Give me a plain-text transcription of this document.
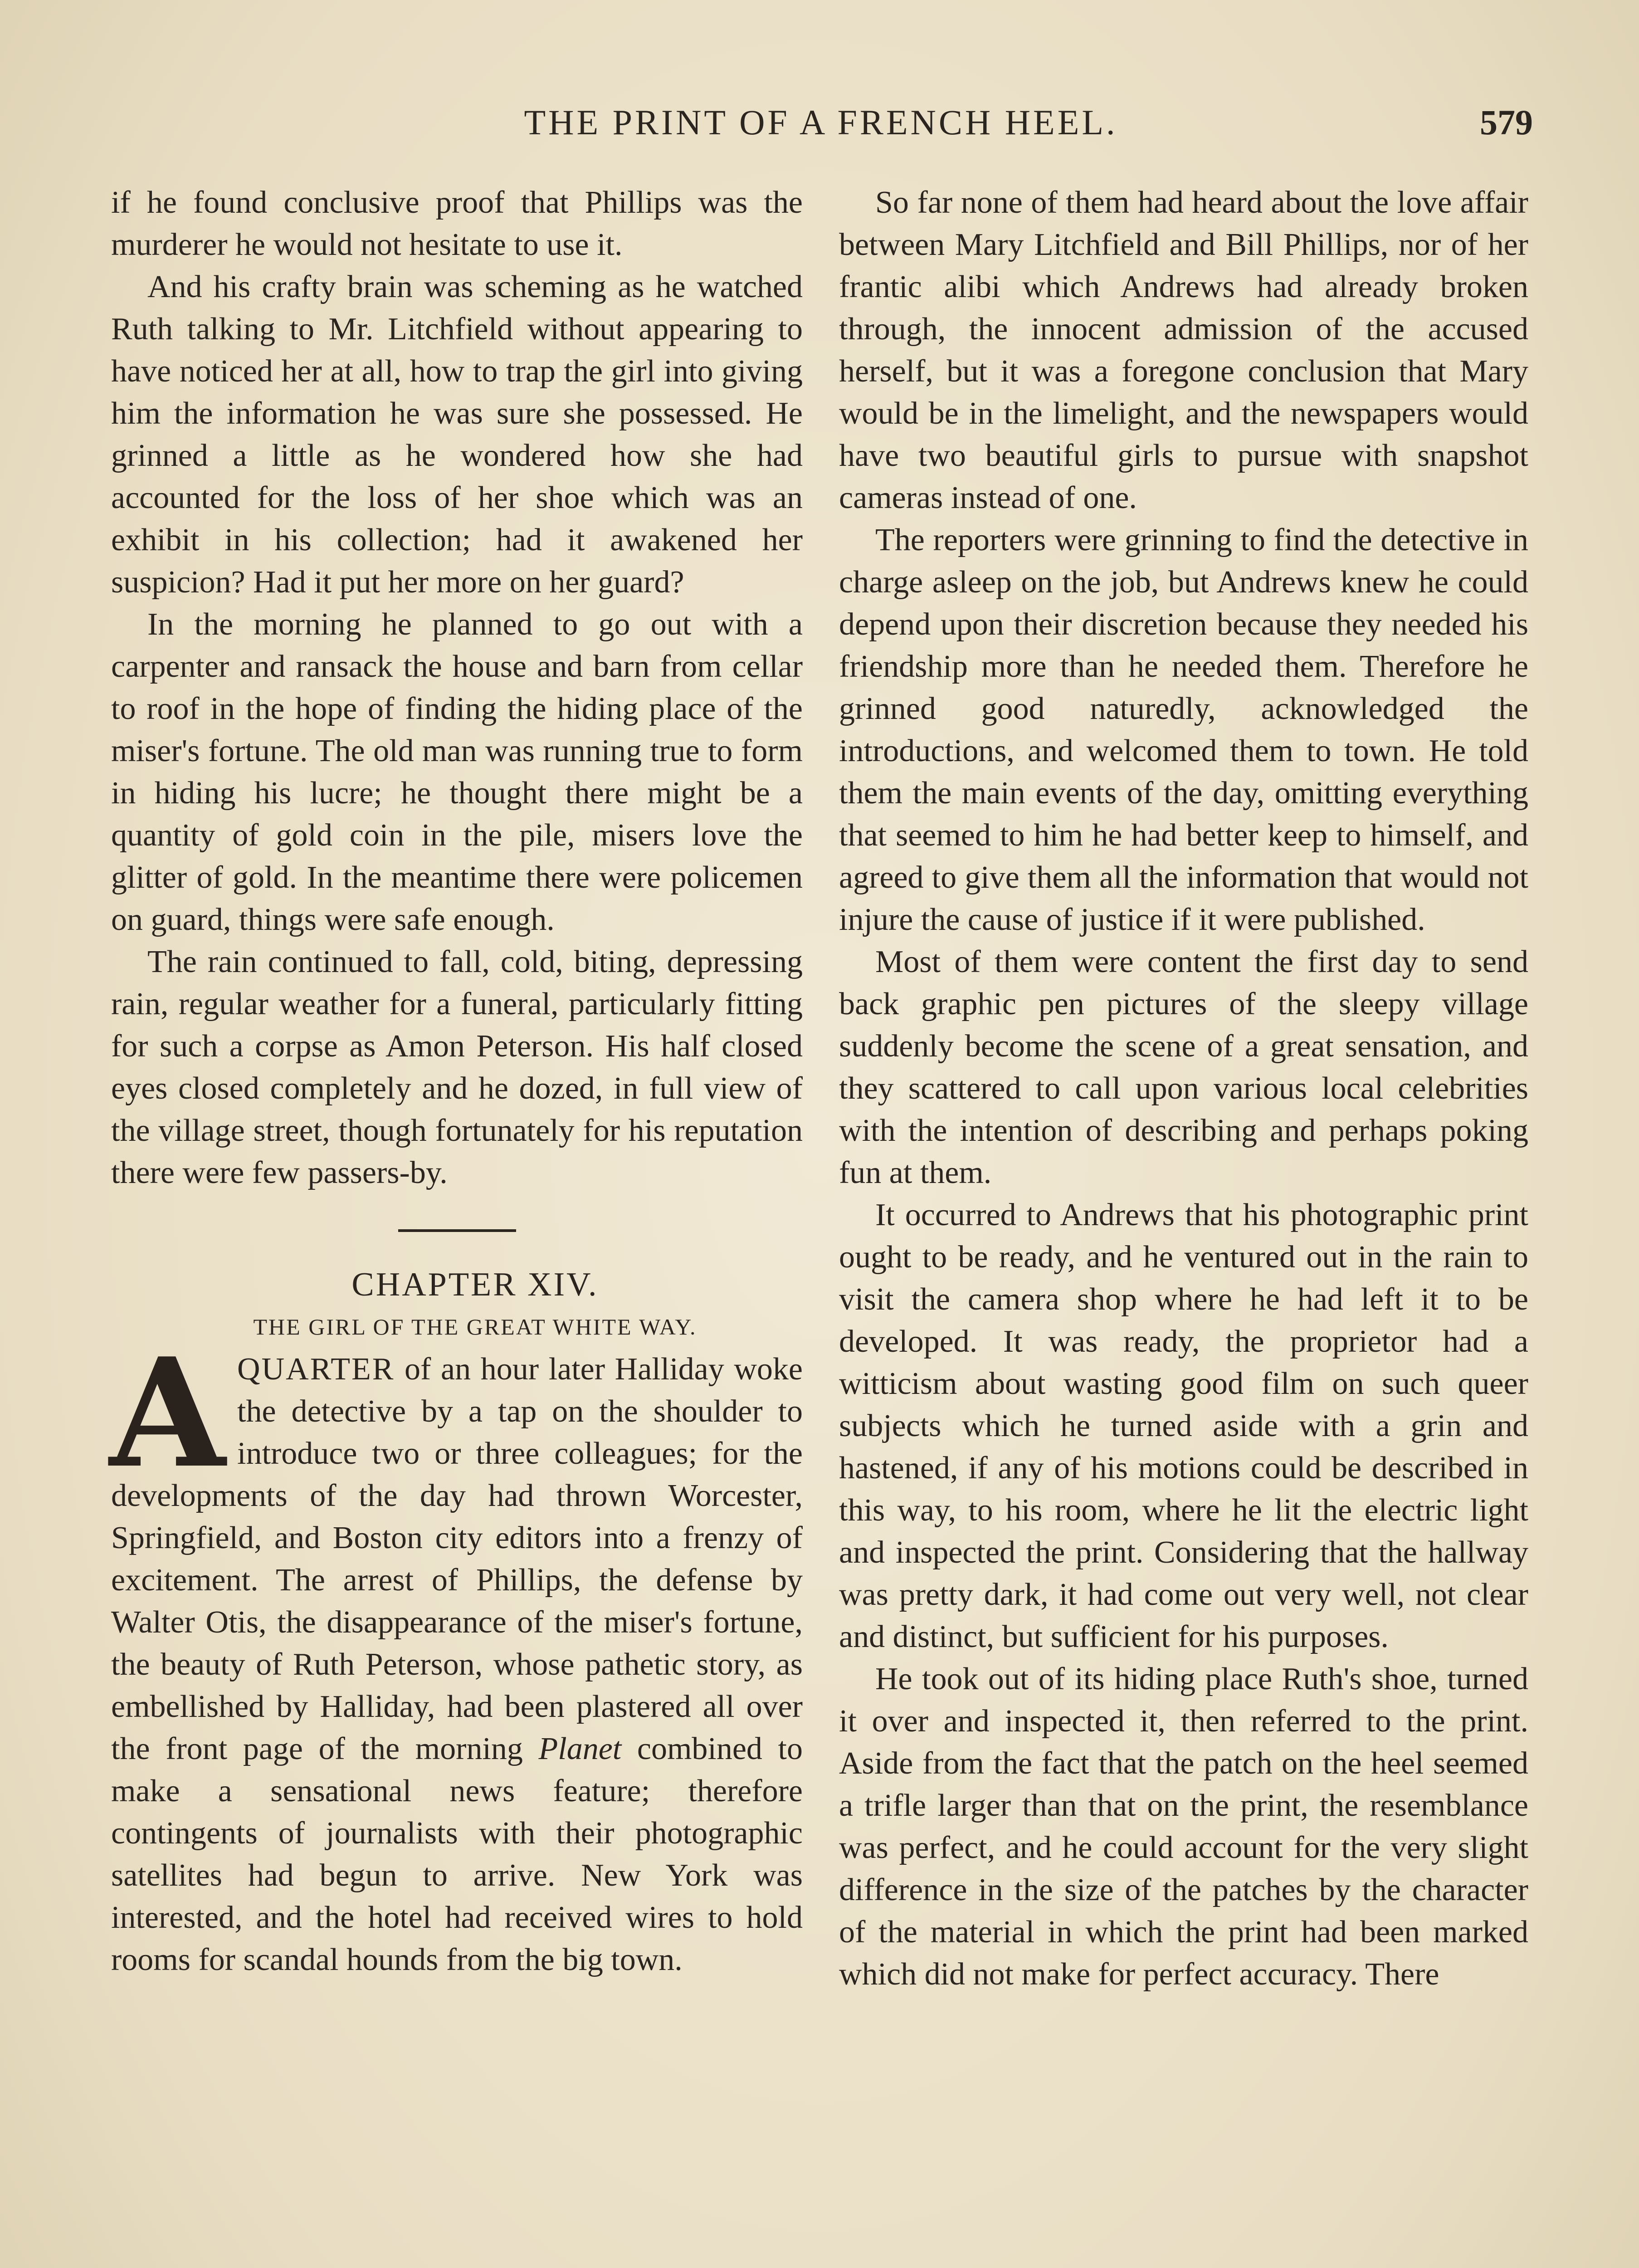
THE PRINT OF A FRENCH HEEL.	579

if he found conclusive proof that Phillips was the murderer he would not hesitate to use it.

And his crafty brain was scheming as he watched Ruth talking to Mr. Litchfield without appearing to have noticed her at all, how to trap the girl into giving him the information he was sure she possessed. He grinned a little as he wondered how she had accounted for the loss of her shoe which was an exhibit in his collection; had it awakened her suspicion? Had it put her more on her guard?

In the morning he planned to go out with a carpenter and ransack the house and barn from cellar to roof in the hope of finding the hiding place of the miser's fortune. The old man was running true to form in hiding his lucre; he thought there might be a quantity of gold coin in the pile, misers love the glitter of gold. In the meantime there were policemen on guard, things were safe enough.

The rain continued to fall, cold, biting, depressing rain, regular weather for a funeral, particularly fitting for such a corpse as Amon Peterson. His half closed eyes closed completely and he dozed, in full view of the village street, though fortunately for his reputation there were few passers-by.

CHAPTER XIV.

THE GIRL OF THE GREAT WHITE WAY.

AQUARTER of an hour later Halliday woke the detective by a tap on the shoulder to introduce two or three colleagues; for the developments of the day had thrown Worcester, Springfield, and Boston city editors into a frenzy of excitement. The arrest of Phillips, the defense by Walter Otis, the disappearance of the miser's fortune, the beauty of Ruth Peterson, whose pathetic story, as embellished by Halliday, had been plastered all over the front page of the morning Planet combined to make a sensational news feature; therefore contingents of journalists with their photographic satellites had begun to arrive. New York was interested, and the hotel had received wires to hold rooms for scandal hounds from the big town.

So far none of them had heard about the love affair between Mary Litchfield and Bill Phillips, nor of her frantic alibi which Andrews had already broken through, the innocent admission of the accused herself, but it was a foregone conclusion that Mary would be in the limelight, and the newspapers would have two beautiful girls to pursue with snapshot cameras instead of one.

The reporters were grinning to find the detective in charge asleep on the job, but Andrews knew he could depend upon their discretion because they needed his friendship more than he needed them. Therefore he grinned good naturedly, acknowledged the introductions, and welcomed them to town. He told them the main events of the day, omitting everything that seemed to him he had better keep to himself, and agreed to give them all the information that would not injure the cause of justice if it were published.

Most of them were content the first day to send back graphic pen pictures of the sleepy village suddenly become the scene of a great sensation, and they scattered to call upon various local celebrities with the intention of describing and perhaps poking fun at them.

It occurred to Andrews that his photographic print ought to be ready, and he ventured out in the rain to visit the camera shop where he had left it to be developed. It was ready, the proprietor had a witticism about wasting good film on such queer subjects which he turned aside with a grin and hastened, if any of his motions could be described in this way, to his room, where he lit the electric light and inspected the print. Considering that the hallway was pretty dark, it had come out very well, not clear and distinct, but sufficient for his purposes.

He took out of its hiding place Ruth's shoe, turned it over and inspected it, then referred to the print. Aside from the fact that the patch on the heel seemed a trifle larger than that on the print, the resemblance was perfect, and he could account for the very slight difference in the size of the patches by the character of the material in which the print had been marked which did not make for perfect accuracy. There
